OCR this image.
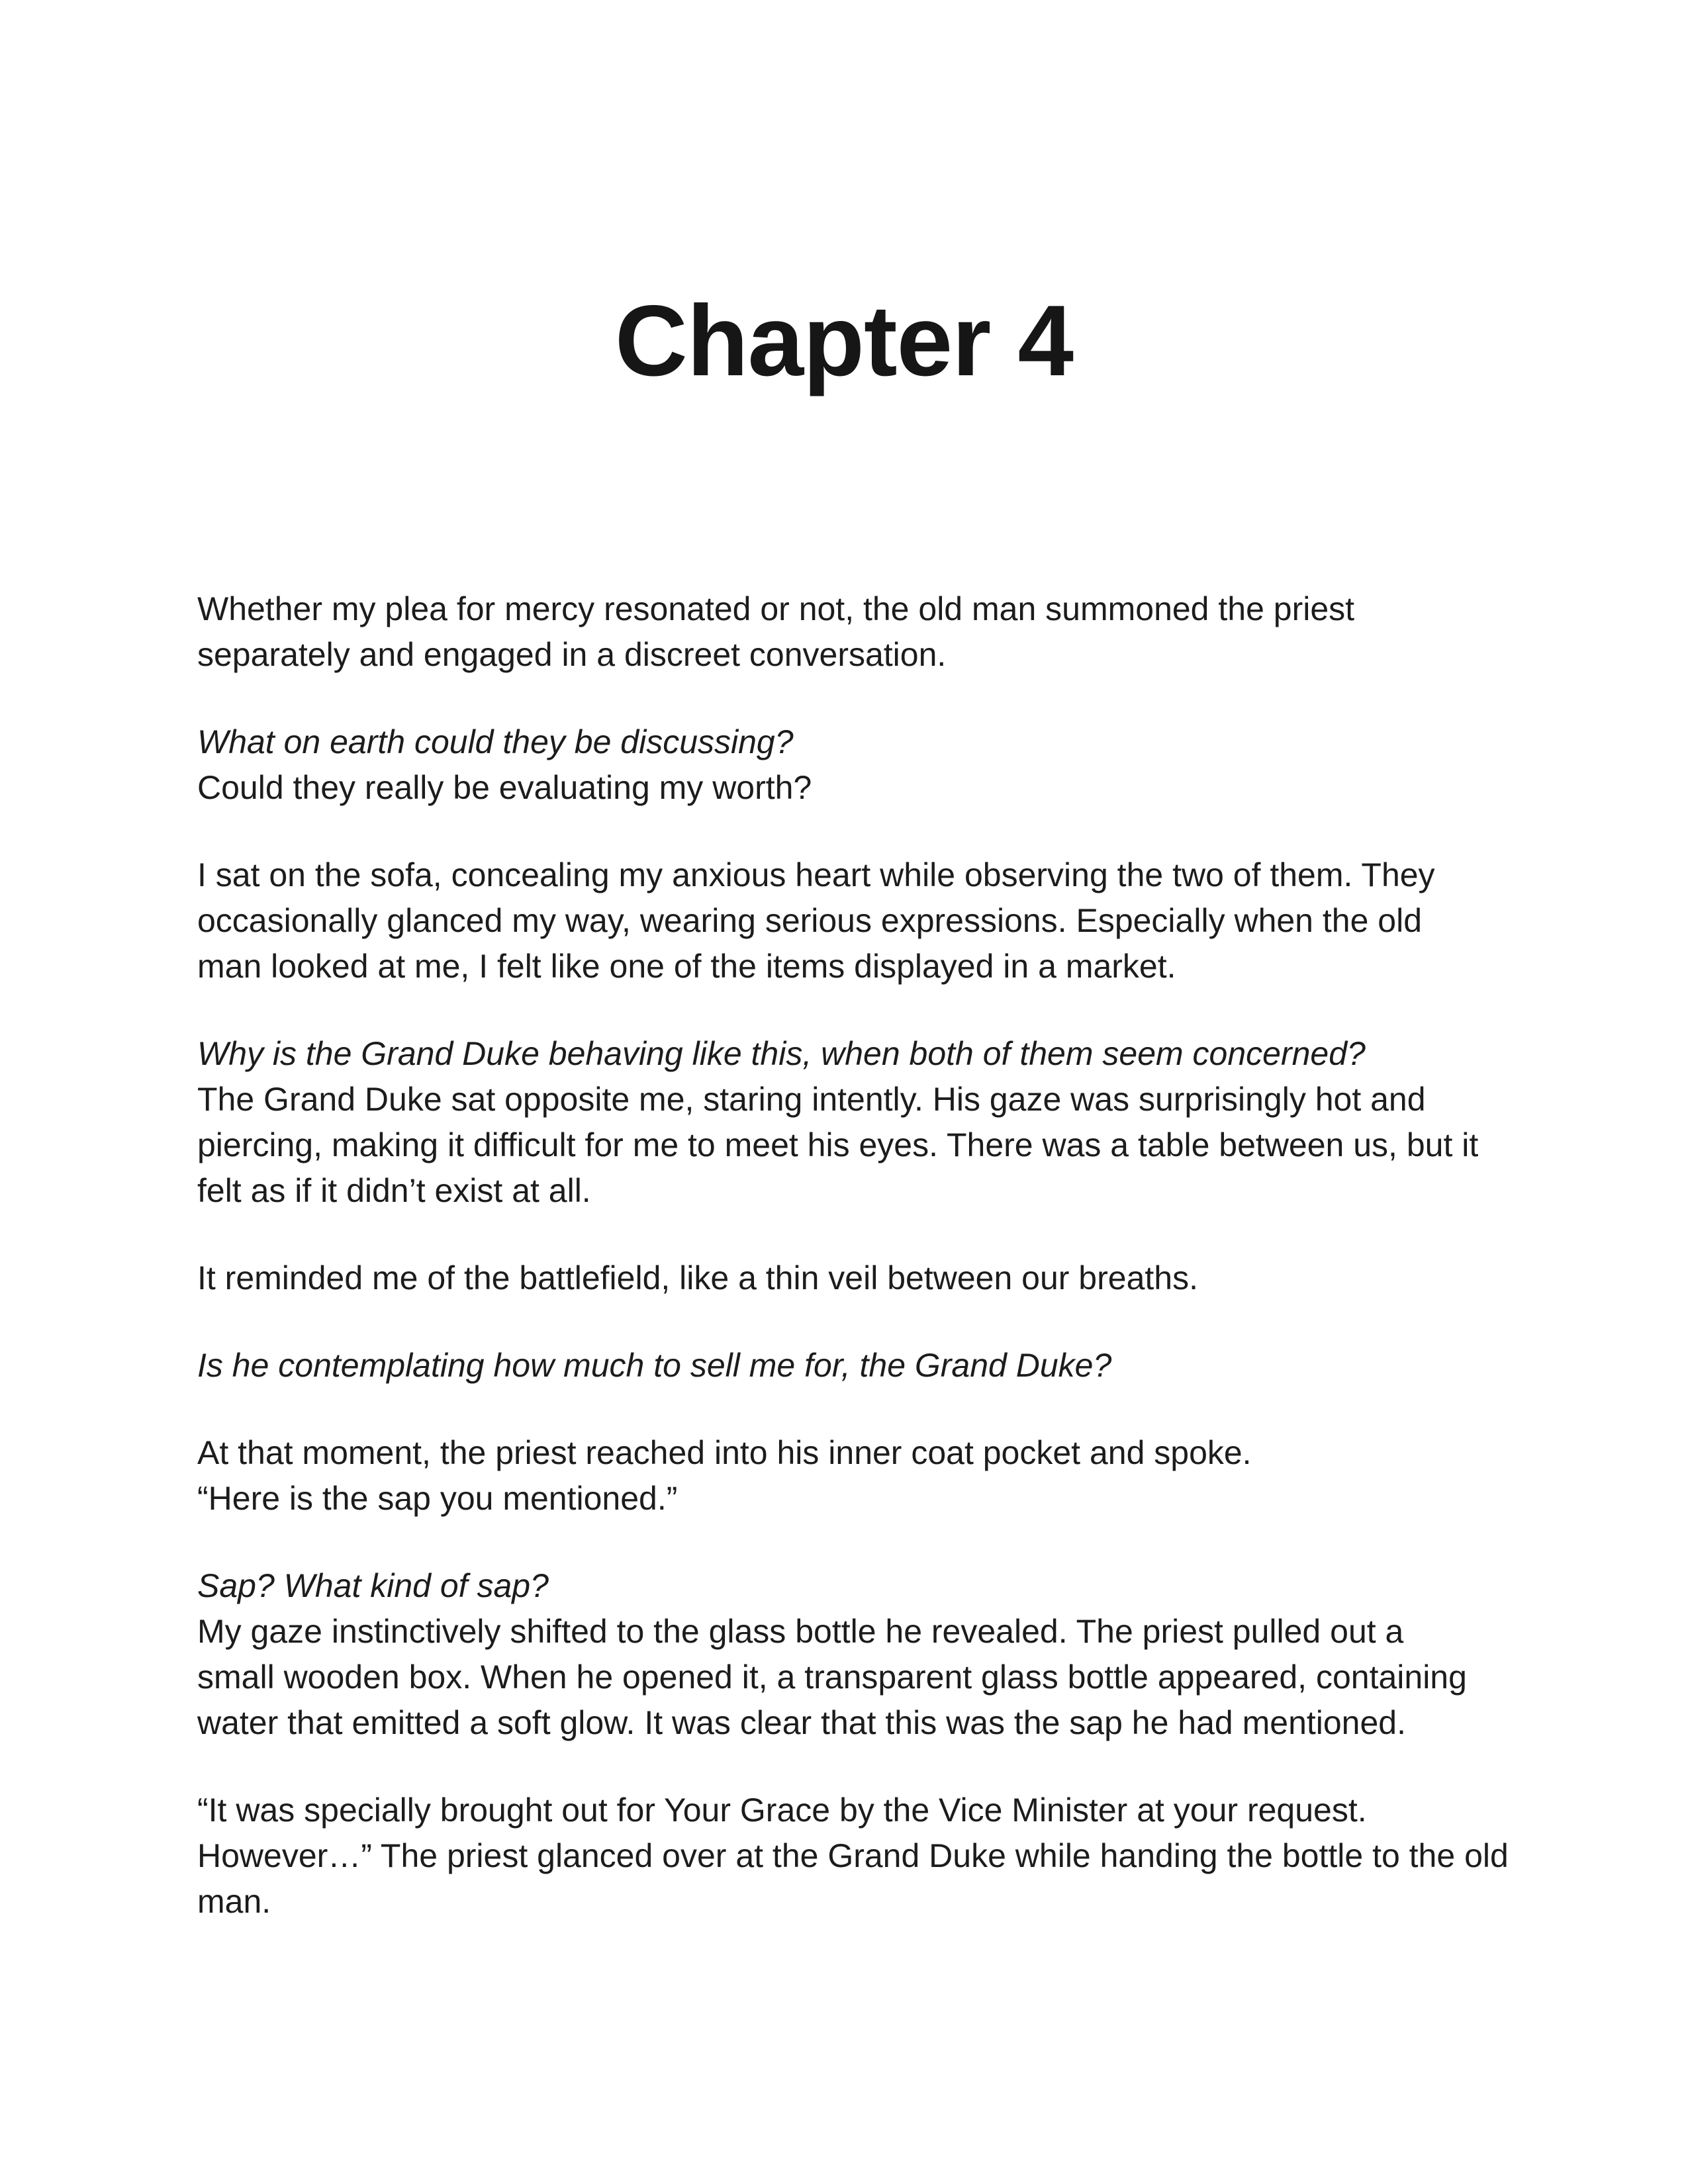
Chapter 4

Whether my plea for mercy resonated or not, the old man summoned the priest
separately and engaged in a discreet conversation.

What on earth could they be discussing?
Could they really be evaluating my worth?

I sat on the sofa, concealing my anxious heart while observing the two of them. They
occasionally glanced my way, wearing serious expressions. Especially when the old
man looked at me, I felt like one of the items displayed in a market.

Why is the Grand Duke behaving like this, when both of them seem concerned?
The Grand Duke sat opposite me, staring intently. His gaze was surprisingly hot and
piercing, making it difficult for me to meet his eyes. There was a table between us, but it
felt as if it didn’t exist at all.

It reminded me of the battlefield, like a thin veil between our breaths.

Is he contemplating how much to sell me for, the Grand Duke?

At that moment, the priest reached into his inner coat pocket and spoke.
“Here is the sap you mentioned.”

Sap? What kind of sap?
My gaze instinctively shifted to the glass bottle he revealed. The priest pulled out a
small wooden box. When he opened it, a transparent glass bottle appeared, containing
water that emitted a soft glow. It was clear that this was the sap he had mentioned.

“It was specially brought out for Your Grace by the Vice Minister at your request.
However…” The priest glanced over at the Grand Duke while handing the bottle to the old
man.
